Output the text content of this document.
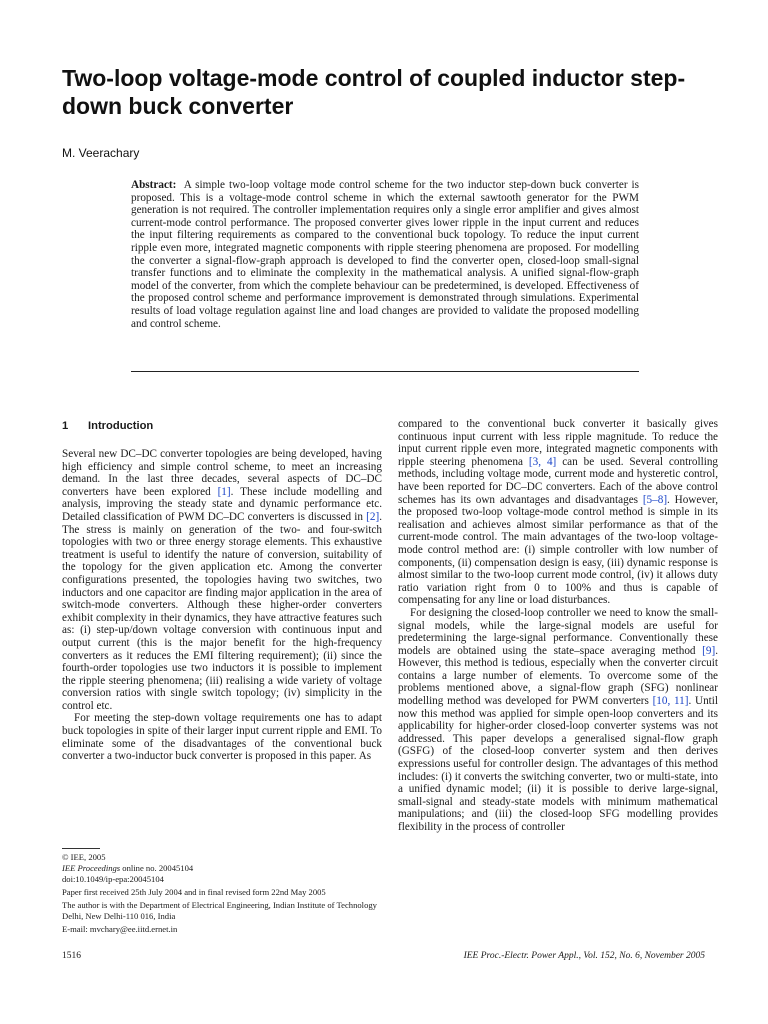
Two-loop voltage-mode control of coupled inductor step-down buck converter
M. Veerachary

Abstract: A simple two-loop voltage mode control scheme for the two inductor step-down buck converter is proposed. This is a voltage-mode control scheme in which the external sawtooth generator for the PWM generation is not required. The controller implementation requires only a single error amplifier and gives almost current-mode control performance. The proposed converter gives lower ripple in the input current and reduces the input filtering requirements as compared to the conventional buck topology. To reduce the input current ripple even more, integrated magnetic components with ripple steering phenomena are proposed. For modelling the converter a signal-flow-graph approach is developed to find the converter open, closed-loop small-signal transfer functions and to eliminate the complexity in the mathematical analysis. A unified signal-flow-graph model of the converter, from which the complete behaviour can be predetermined, is developed. Effectiveness of the proposed control scheme and performance improvement is demonstrated through simulations. Experimental results of load voltage regulation against line and load changes are provided to validate the proposed modelling and control scheme.

1 Introduction

Several new DC–DC converter topologies are being developed, having high efficiency and simple control scheme, to meet an increasing demand. In the last three decades, several aspects of DC–DC converters have been explored [1]. These include modelling and analysis, improving the steady state and dynamic performance etc. Detailed classification of PWM DC–DC converters is discussed in [2]. The stress is mainly on generation of the two- and four-switch topologies with two or three energy storage elements. This exhaustive treatment is useful to identify the nature of conversion, suitability of the topology for the given application etc. Among the converter configurations presented, the topologies having two switches, two inductors and one capacitor are finding major application in the area of switch-mode converters. Although these higher-order converters exhibit complexity in their dynamics, they have attractive features such as: (i) step-up/down voltage conversion with continuous input and output current (this is the major benefit for the high-frequency converters as it reduces the EMI filtering requirement); (ii) since the fourth-order topologies use two inductors it is possible to implement the ripple steering phenomena; (iii) realising a wide variety of voltage conversion ratios with single switch topology; (iv) simplicity in the control etc.

For meeting the step-down voltage requirements one has to adapt buck topologies in spite of their larger input current ripple and EMI. To eliminate some of the disadvantages of the conventional buck converter a two-inductor buck converter is proposed in this paper. As

compared to the conventional buck converter it basically gives continuous input current with less ripple magnitude. To reduce the input current ripple even more, integrated magnetic components with ripple steering phenomena [3, 4] can be used. Several controlling methods, including voltage mode, current mode and hysteretic control, have been reported for DC–DC converters. Each of the above control schemes has its own advantages and disadvantages [5–8]. However, the proposed two-loop voltage-mode control method is simple in its realisation and achieves almost similar performance as that of the current-mode control. The main advantages of the two-loop voltage-mode control method are: (i) simple controller with low number of components, (ii) compensation design is easy, (iii) dynamic response is almost similar to the two-loop current mode control, (iv) it allows duty ratio variation right from 0 to 100% and thus is capable of compensating for any line or load disturbances.

For designing the closed-loop controller we need to know the small-signal models, while the large-signal models are useful for predetermining the large-signal performance. Conventionally these models are obtained using the state–space averaging method [9]. However, this method is tedious, especially when the converter circuit contains a large number of elements. To overcome some of the problems mentioned above, a signal-flow graph (SFG) nonlinear modelling method was developed for PWM converters [10, 11]. Until now this method was applied for simple open-loop converters and its applicability for higher-order closed-loop converter systems was not addressed. This paper develops a generalised signal-flow graph (GSFG) of the closed-loop converter system and then derives expressions useful for controller design. The advantages of this method includes: (i) it converts the switching converter, two or multi-state, into a unified dynamic model; (ii) it is possible to derive large-signal, small-signal and steady-state models with minimum mathematical manipulations; and (iii) the closed-loop SFG modelling provides flexibility in the process of controller

© IEE, 2005
IEE Proceedings online no. 20045104
doi:10.1049/ip-epa:20045104
Paper first received 25th July 2004 and in final revised form 22nd May 2005
The author is with the Department of Electrical Engineering, Indian Institute of Technology Delhi, New Delhi-110 016, India
E-mail: mvchary@ee.iitd.ernet.in
1516	IEE Proc.-Electr. Power Appl., Vol. 152, No. 6, November 2005
